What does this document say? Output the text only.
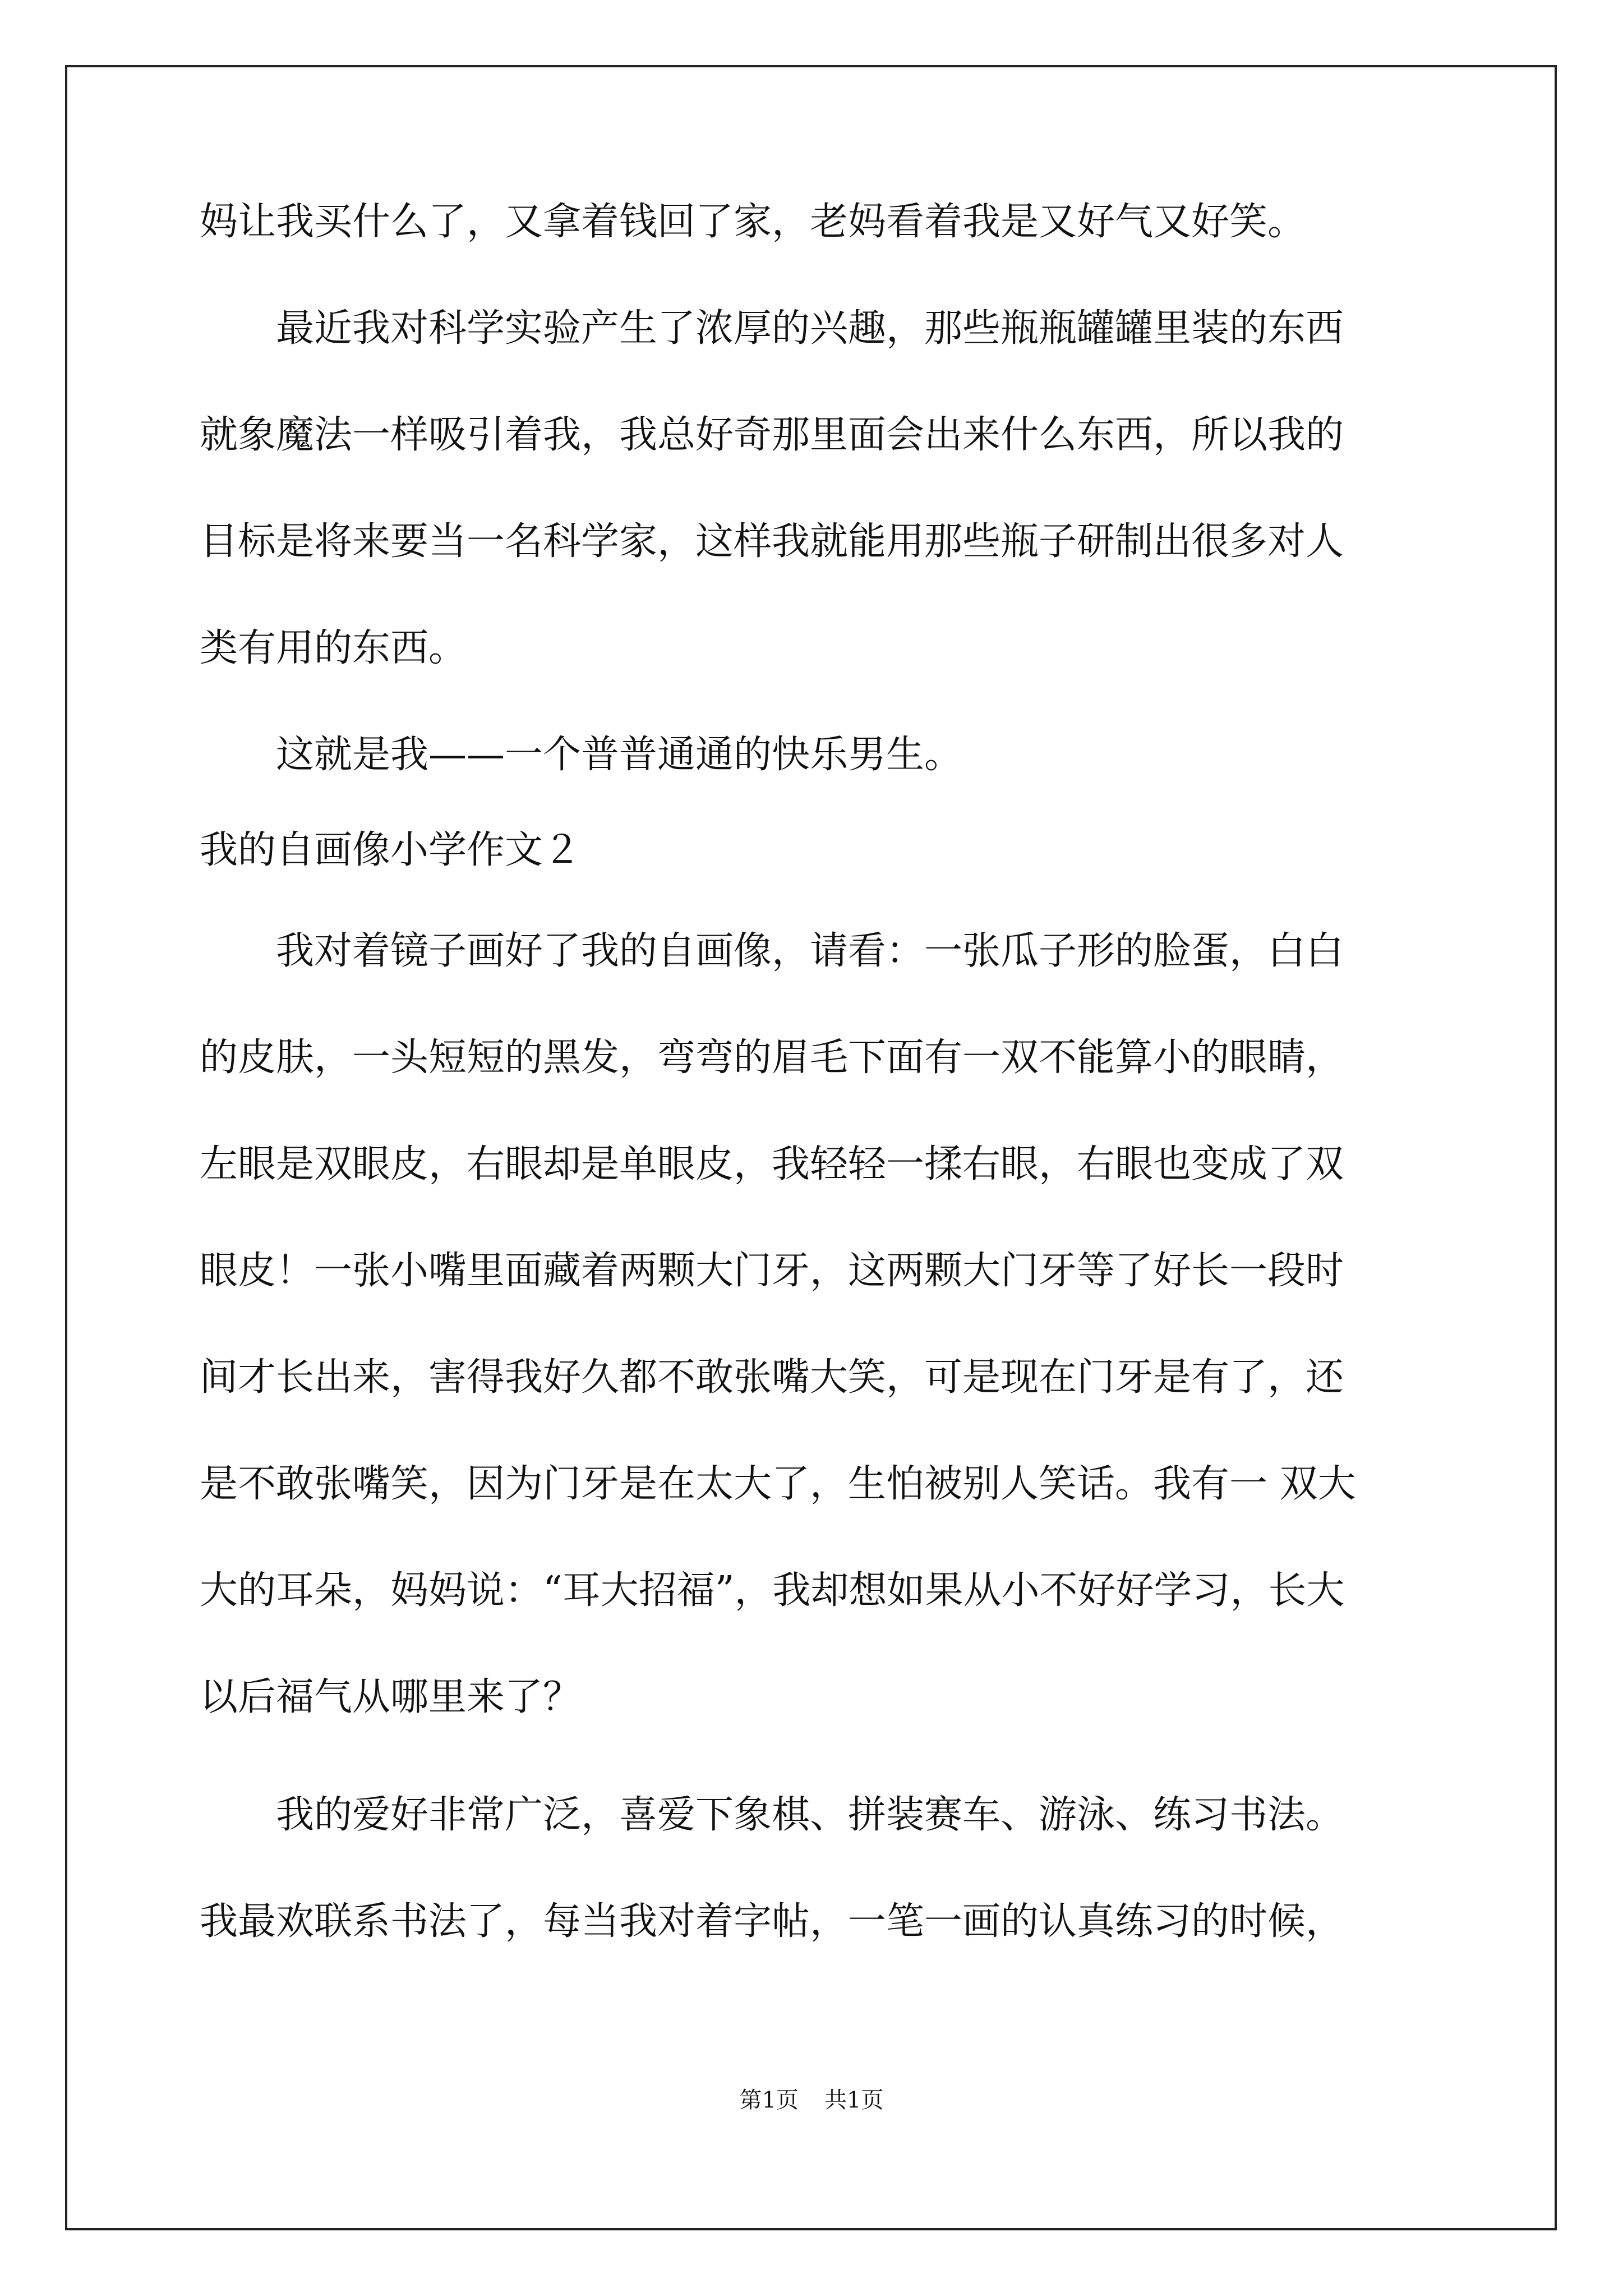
妈让我买什么了，又拿着钱回了家，老妈看着我是又好气又好笑。
　　最近我对科学实验产生了浓厚的兴趣，那些瓶瓶罐罐里装的东西
就象魔法一样吸引着我，我总好奇那里面会出来什么东西，所以我的
目标是将来要当一名科学家，这样我就能用那些瓶子研制出很多对人
类有用的东西。
　　这就是我——一个普普通通的快乐男生。
我的自画像小学作文２
　　我对着镜子画好了我的自画像，请看：一张瓜子形的脸蛋，白白
的皮肤，一头短短的黑发，弯弯的眉毛下面有一双不能算小的眼睛，
左眼是双眼皮，右眼却是单眼皮，我轻轻一揉右眼，右眼也变成了双
眼皮！一张小嘴里面藏着两颗大门牙，这两颗大门牙等了好长一段时
间才长出来，害得我好久都不敢张嘴大笑，可是现在门牙是有了，还
是不敢张嘴笑，因为门牙是在太大了，生怕被别人笑话。我有一 双大
大的耳朵，妈妈说：“耳大招福”，我却想如果从小不好好学习，长大
以后福气从哪里来了？
　　我的爱好非常广泛，喜爱下象棋、拼装赛车、游泳、练习书法。
我最欢联系书法了，每当我对着字帖，一笔一画的认真练习的时候，
第1页 共1页
